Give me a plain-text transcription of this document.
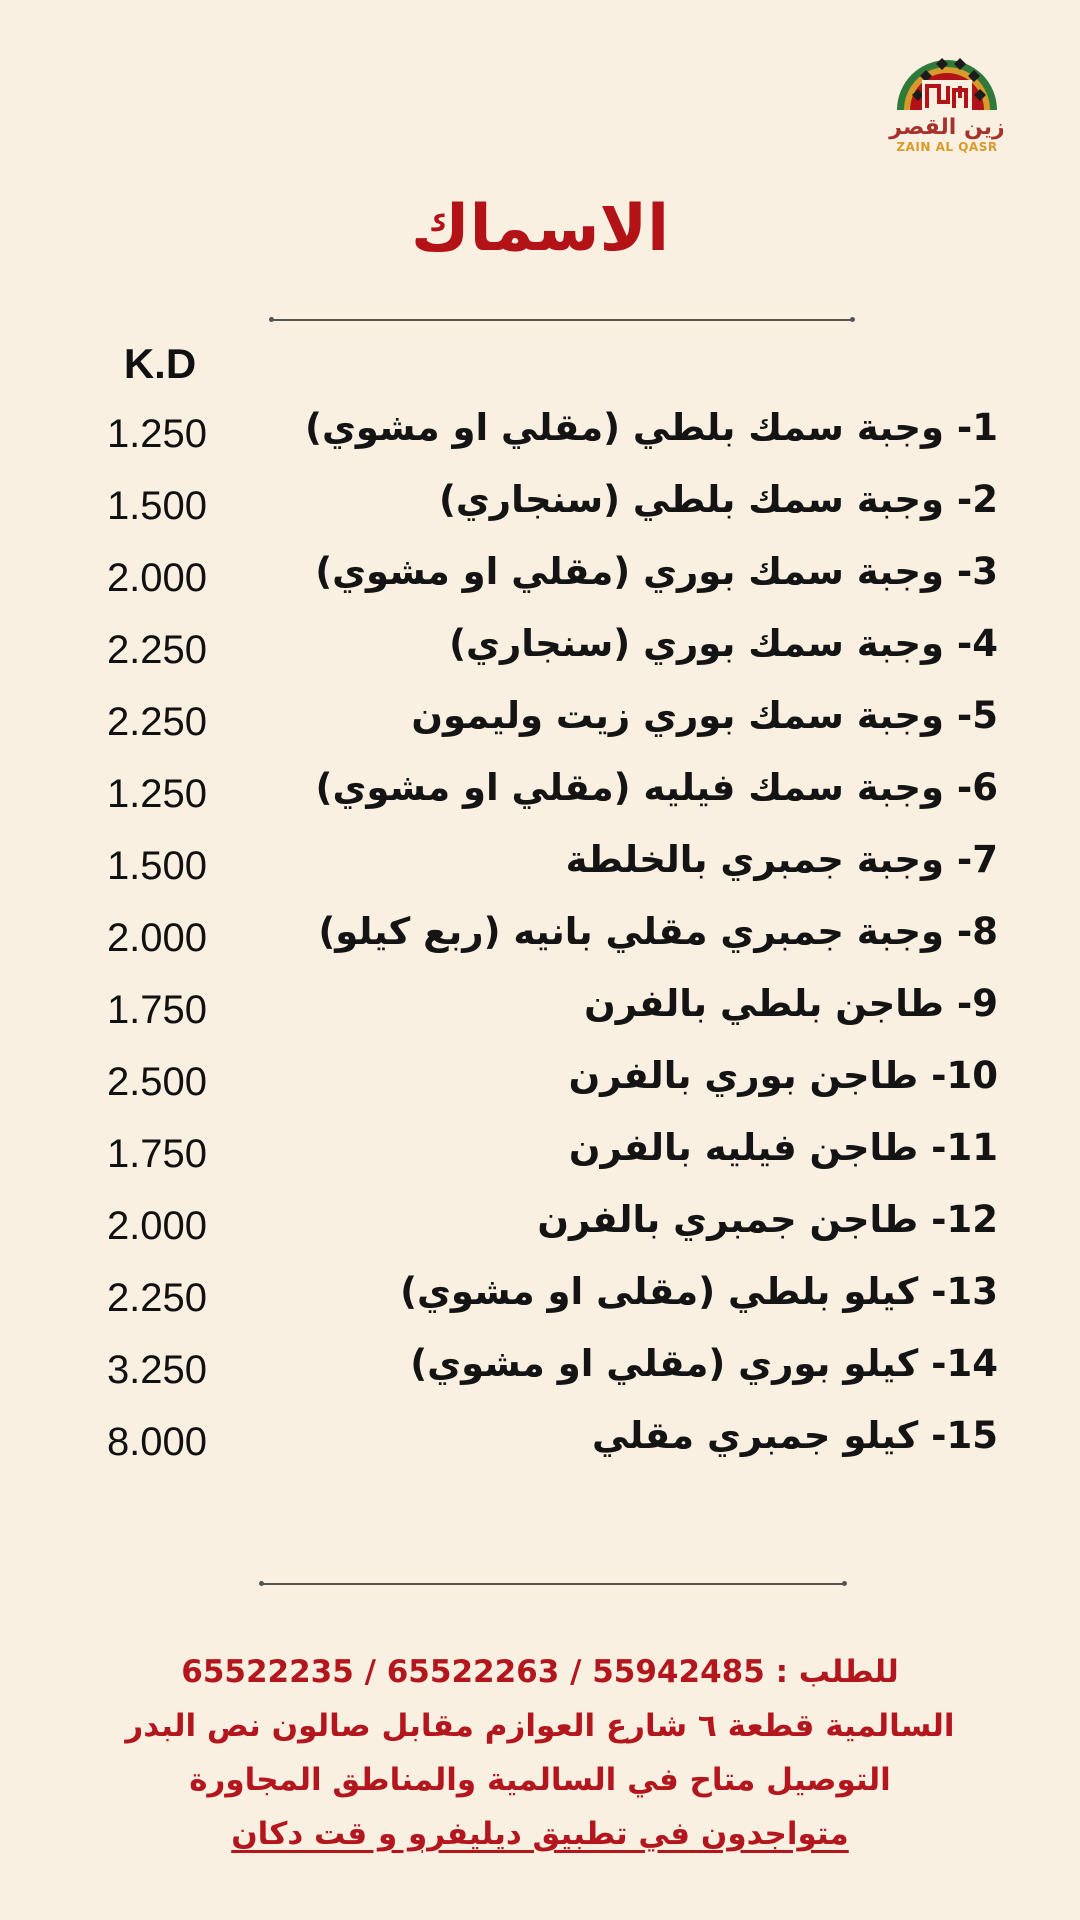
زين القصر
ZAIN AL QASR
الاسماك
K.D
1- وجبة سمك بلطي (مقلي او مشوي)
1.250
2- وجبة سمك بلطي (سنجاري)
1.500
3- وجبة سمك بوري (مقلي او مشوي)
2.000
4- وجبة سمك بوري (سنجاري)
2.250
5- وجبة سمك بوري زيت وليمون
2.250
6- وجبة سمك فيليه (مقلي او مشوي)
1.250
7- وجبة جمبري بالخلطة
1.500
8- وجبة جمبري مقلي بانيه (ربع كيلو)
2.000
9- طاجن بلطي بالفرن
1.750
10- طاجن بوري بالفرن
2.500
11- طاجن فيليه بالفرن
1.750
12- طاجن جمبري بالفرن
2.000
13- كيلو بلطي (مقلى او مشوي)
2.250
14- كيلو بوري (مقلي او مشوي)
3.250
15- كيلو جمبري مقلي
8.000
للطلب : 55942485 / 65522263 / 65522235
السالمية قطعة ٦ شارع العوازم مقابل صالون نص البدر
التوصيل متاح في السالمية والمناطق المجاورة
متواجدون في تطبيق ديليفرو و قت دكان
